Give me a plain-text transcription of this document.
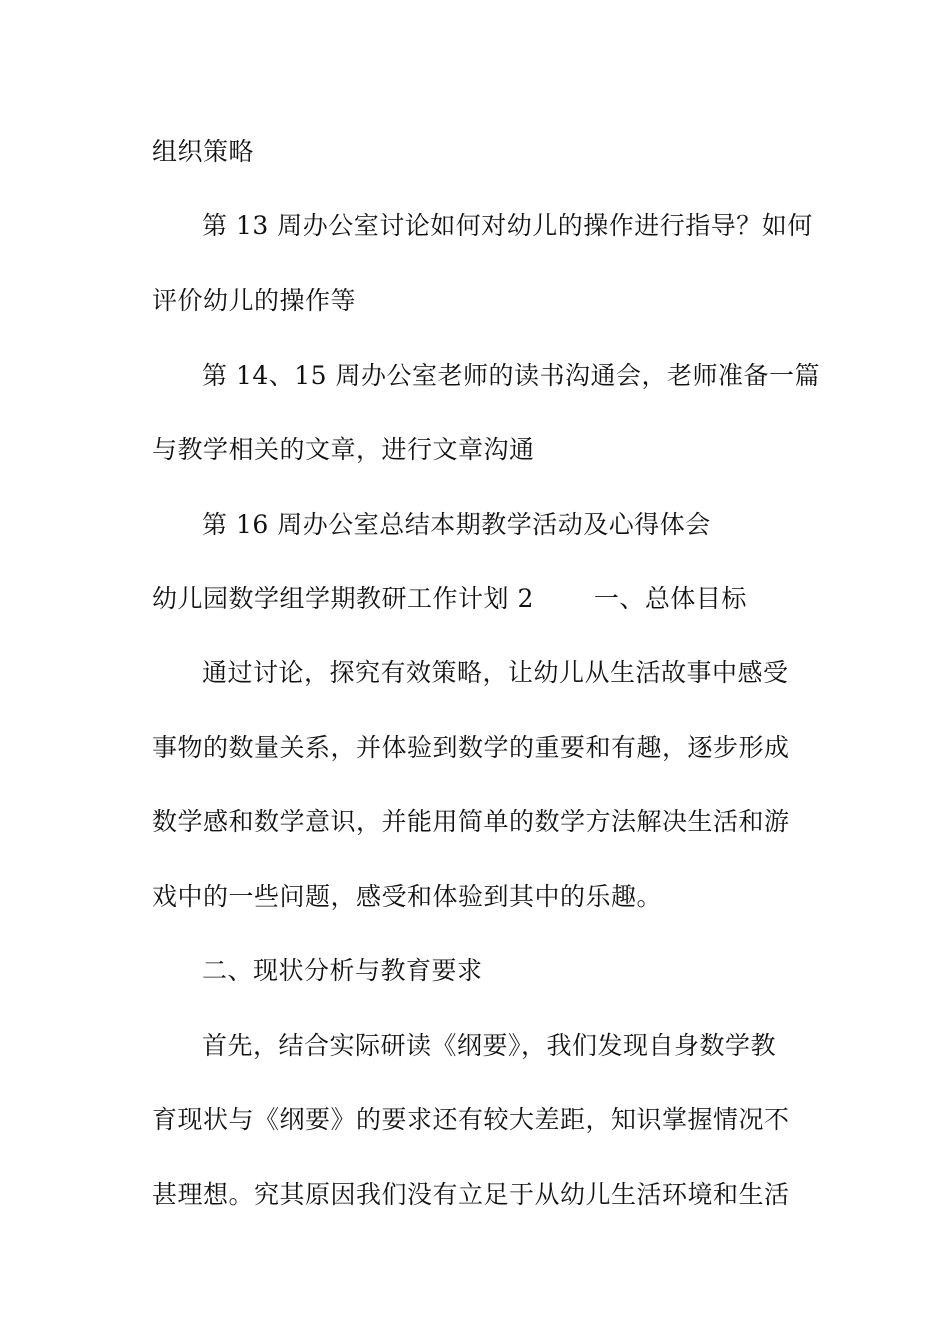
组织策略
第 13 周办公室讨论如何对幼儿的操作进行指导？如何
评价幼儿的操作等
第 14、15 周办公室老师的读书沟通会，老师准备一篇
与教学相关的文章，进行文章沟通
第 16 周办公室总结本期教学活动及心得体会
幼儿园数学组学期教研工作计划 2 一、总体目标
通过讨论，探究有效策略，让幼儿从生活故事中感受
事物的数量关系，并体验到数学的重要和有趣，逐步形成
数学感和数学意识，并能用简单的数学方法解决生活和游
戏中的一些问题，感受和体验到其中的乐趣。
二、现状分析与教育要求
首先，结合实际研读《纲要》，我们发现自身数学教
育现状与《纲要》的要求还有较大差距，知识掌握情况不
甚理想。究其原因我们没有立足于从幼儿生活环境和生活
